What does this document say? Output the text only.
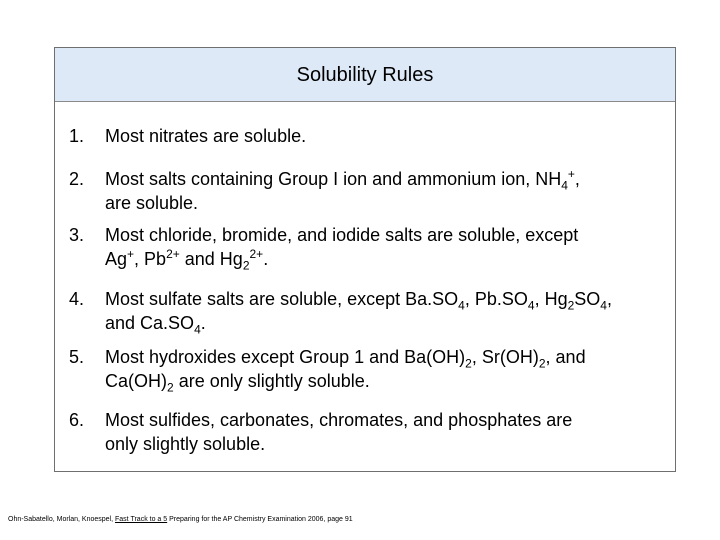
Solubility Rules
1. Most nitrates are soluble.
2. Most salts containing Group I ion and ammonium ion, $NH_4^+$,
are soluble.
3. Most chloride, bromide, and iodide salts are soluble, except
Ag+, $Pb^{2+}$ and $Hg_2^{2+}$.
4. Most sulfate salts are soluble, except $Ba.SO_4$, $Pb.SO_4$, $Hg_2SO_4$,
and $Ca.SO_4$.
5. Most hydroxides except Group 1 and $Ba(OH)_2$, $Sr(OH)_2$, and
$Ca(OH)_2$ are only slightly soluble.
6. Most sulfides, carbonates, chromates, and phosphates are
only slightly soluble.
Ohn-Sabatello, Morlan, Knoespel, Fast Track to a 5 Preparing for the AP Chemistry Examination 2006, page 91
